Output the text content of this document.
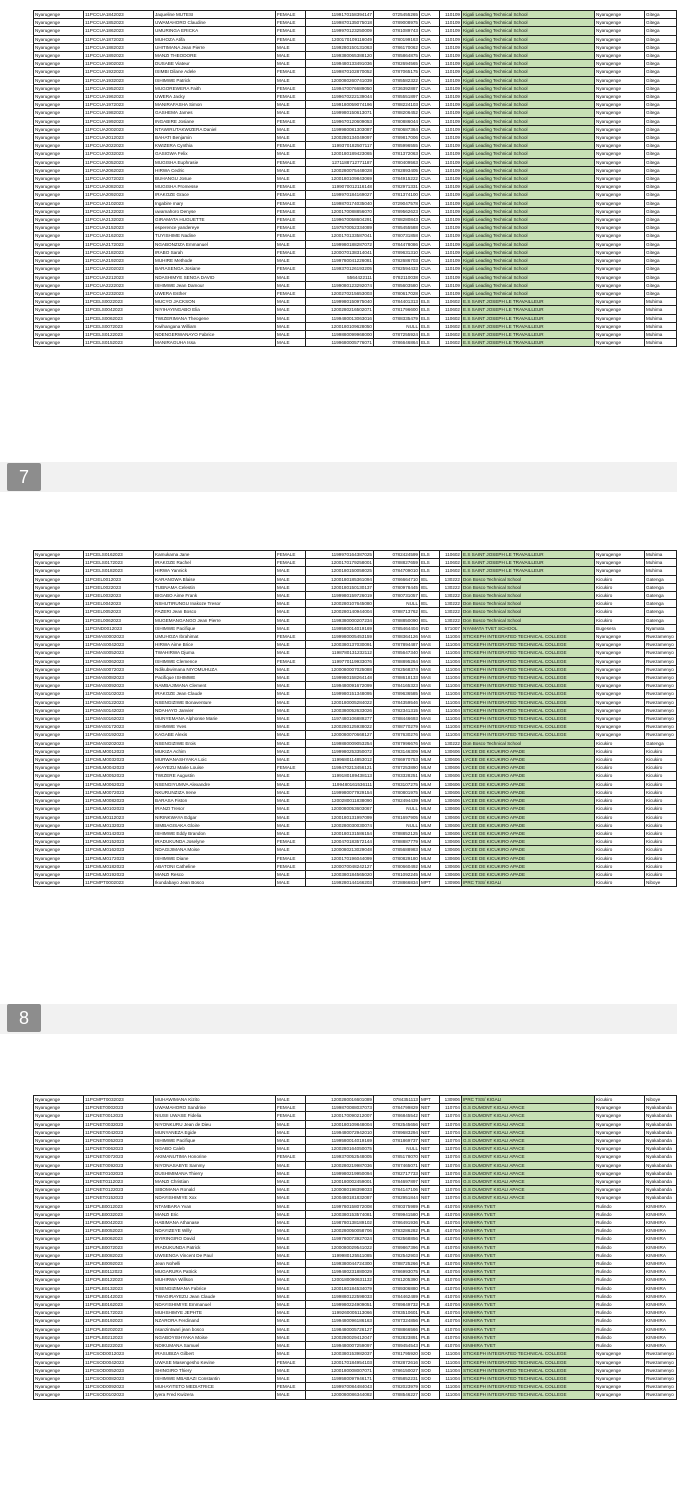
Nyarugenge	11PCCUA1842023	Jaqueline MUTESI	FEMALE	1199170158394147	0725455265	CUA	110109	Kigali Leading Technical School	Nyarugenge	Gitega
Nyarugenge	11PCCUA1852023	UWAMAHORO Claudine	FEMALE	1199870135075018	0789008975	CUA	110109	Kigali Leading Technical School	Nyarugenge	Gitega
Nyarugenge	11PCCUA1862023	UMURINGA ERICKA	FEMALE	1199970123250009	0781089743	CUA	110109	Kigali Leading Technical School	Nyarugenge	Gitega
Nyarugenge	11PCCUA1872023	MUHOZA Atifa	FEMALE	1200170109116049	0780199163	CUA	110109	Kigali Leading Technical School	Nyarugenge	Gitega
Nyarugenge	11PCCUA1882023	UHITIMANA Jean Pierre	MALE	1199280150131063	0786170062	CUA	110109	Kigali Leading Technical School	Nyarugenge	Gitega
Nyarugenge	11PCCUA1892023	MANZI THEODORE	MALE	1199380065388120	0785864875	CUA	110109	Kigali Leading Technical School	Nyarugenge	Gitega
Nyarugenge	11PCCUA1902023	DUSABE Viateur	MALE	1199480133491036	0782694565	CUA	110109	Kigali Leading Technical School	Nyarugenge	Gitega
Nyarugenge	11PCCUA1922023	ISIMBI Dilane Adele	FEMALE	1199870102870052	0787065175	CUA	110109	Kigali Leading Technical School	Nyarugenge	Gitega
Nyarugenge	11PCCUA1932023	ISHIMWE Patrick	MALE	1200080260741039	0785582322	CUA	110109	Kigali Leading Technical School	Nyarugenge	Gitega
Nyarugenge	11PCCUA1952023	MUGOREWERA Faith	FEMALE	1199470076689050	0736392887	CUA	110109	Kigali Leading Technical School	Nyarugenge	Gitega
Nyarugenge	11PCCUA1962023	UWERA Jacky	FEMALE	1199670222139044	0785551897	CUA	110109	Kigali Leading Technical School	Nyarugenge	Gitega
Nyarugenge	11PCCUA1972023	MANIRAFASHA Simon	MALE	1199180059074196	0788224103	CUA	110109	Kigali Leading Technical School	Nyarugenge	Gitega
Nyarugenge	11PCCUA1982023	GASHEMA James	MALE	1199980150613071	0788206452	CUA	110109	Kigali Leading Technical School	Nyarugenge	Gitega
Nyarugenge	11PCCUA1992023	INGABIRE Josiane	FEMALE	1199670120609053	0780886044	CUA	110109	Kigali Leading Technical School	Nyarugenge	Gitega
Nyarugenge	11PCCUA2002023	NTAWIRUTAKWIZERA Daniel	MALE	1199980081303087	0780687364	CUA	110109	Kigali Leading Technical School	Nyarugenge	Gitega
Nyarugenge	11PCCUA2012023	BAHATI Benjamin	MALE	1200280134049097	0789817006	CUA	110109	Kigali Leading Technical School	Nyarugenge	Gitega
Nyarugenge	11PCCUA2022023	KWIZERA Cynthia	FEMALE	1199370182507117	0785996555	CUA	110109	Kigali Leading Technical School	Nyarugenge	Gitega
Nyarugenge	11PCCUA2032023	GASIGWA Felix	MALE	1200180189423065	0781372063	CUA	110109	Kigali Leading Technical School	Nyarugenge	Gitega
Nyarugenge	11PCCUA2052023	MUGISHA Euphrasie	FEMALE	1271188712771187	0780409563	CUA	110109	Kigali Leading Technical School	Nyarugenge	Gitega
Nyarugenge	11PCCUA2062023	HIRWA Cedric	MALE	1200280075448028	0782893405	CUA	110109	Kigali Leading Technical School	Nyarugenge	Gitega
Nyarugenge	11PCCUA2072023	BUHANGU Josue	MALE	1200180109843069	0784915222	CUA	110109	Kigali Leading Technical School	Nyarugenge	Gitega
Nyarugenge	11PCCUA2082023	MUGISHA Promesse	FEMALE	1199070012116148	0782971331	CUA	110109	Kigali Leading Technical School	Nyarugenge	Gitega
Nyarugenge	11PCCUA2092023	IRAKOZE Grace	FEMALE	1199970184169027	0781374100	CUA	110109	Kigali Leading Technical School	Nyarugenge	Gitega
Nyarugenge	11PCCUA2102023	Ingabire mary	FEMALE	1199870174035040	0729047578	CUA	110109	Kigali Leading Technical School	Nyarugenge	Gitega
Nyarugenge	11PCCUA2122023	uwamahoro Denyse	FEMALE	1200170088856070	0789562623	CUA	110109	Kigali Leading Technical School	Nyarugenge	Gitega
Nyarugenge	11PCCUA2132023	GIRAMATA HUGUETTE	FEMALE	1199670058604291	0788280843	CUA	110109	Kigali Leading Technical School	Nyarugenge	Gitega
Nyarugenge	11PCCUA2152023	esperence yandereye	FEMALE	1197570052334089	0785455588	CUA	110109	Kigali Leading Technical School	Nyarugenge	Gitega
Nyarugenge	11PCCUA2162023	TUYISHIME Nadine	FEMALE	1200170133587041	0780731858	CUA	110109	Kigali Leading Technical School	Nyarugenge	Gitega
Nyarugenge	11PCCUA2172023	NGABONZIZA Emmanuel	MALE	1199980188287072	0784478086	CUA	110109	Kigali Leading Technical School	Nyarugenge	Gitega
Nyarugenge	11PCCUA2182023	IRABO Sarah	FEMALE	1200070138314041	0789631310	CUA	110109	Kigali Leading Technical School	Nyarugenge	Gitega
Nyarugenge	11PCCUA2192023	MUHIRE Methode	MALE	1199780041226081	0782686703	CUA	110109	Kigali Leading Technical School	Nyarugenge	Gitega
Nyarugenge	11PCCUA2202023	BARASENGA Josiane	FEMALE	1199370126193205	0782594433	CUA	110109	Kigali Leading Technical School	Nyarugenge	Gitega
Nyarugenge	11PCCUA2212023	NDASHIMYE SENGA DAVID	MALE	5564422111	0782110038	CUA	110109	Kigali Leading Technical School	Nyarugenge	Gitega
Nyarugenge	11PCCUA2222023	ISHIMWE Jean Damour	MALE	1199080123292074	0785603580	CUA	110109	Kigali Leading Technical School	Nyarugenge	Gitega
Nyarugenge	11PCCUA2232023	UWERA Esther	FEMALE	1200270215653003	0780617028	CUA	110109	Kigali Leading Technical School	Nyarugenge	Gitega
Nyarugenge	11PCELS0022023	MUCYO JACKSON	MALE	1199980150975040	0784401313	ELS	110602	E.S SAINT JOSEPH LE TRAVAILLEUR	Nyarugenge	Muhima
Nyarugenge	11PCELS0042023	NIYIHAYINGABO Elia	MALE	1200280216502071	0781796600	ELS	110602	E.S SAINT JOSEPH LE TRAVAILLEUR	Nyarugenge	Muhima
Nyarugenge	11PCELS0062023	TWIZERIMANA Theogene	MALE	1199480013063016	0788335479	ELS	110602	E.S SAINT JOSEPH LE TRAVAILLEUR	Nyarugenge	Muhima
Nyarugenge	11PCELS0072023	Kwihangana William	MALE	1200180109628050	NULL	ELS	110602	E.S SAINT JOSEPH LE TRAVAILLEUR	Nyarugenge	Muhima
Nyarugenge	11PCELS0122023	NDENGERWANAYO Fabrice	MALE	1199880099968000	0787255924	ELS	110602	E.S SAINT JOSEPH LE TRAVAILLEUR	Nyarugenge	Muhima
Nyarugenge	11PCELS0152023	MANIRAGUHA Issa	MALE	1199680005776071	0786646864	ELS	110602	E.S SAINT JOSEPH LE TRAVAILLEUR	Nyarugenge	Muhima
7
Nyarugenge	11PCELS0162023	Kamukama Jane	FEMALE	1199970164387025	0782424599	ELS	110602	E.S SAINT JOSEPH LE TRAVAILLEUR	Nyarugenge	Muhima
Nyarugenge	11PCELS0172023	IRAKOZE Rachel	FEMALE	1200170179258001	0788827659	ELS	110602	E.S SAINT JOSEPH LE TRAVAILLEUR	Nyarugenge	Muhima
Nyarugenge	11PCELS0182023	HIRWA Yannick	MALE	1200180150058025	0784709010	ELS	110602	E.S SAINT JOSEPH LE TRAVAILLEUR	Nyarugenge	Muhima
Nyarugenge	11PCIEL0012023	KARANGWA Blaise	MALE	1200180185361094	0786664710	IEL	130222	Don Bosco Technical School	Kicukiro	Gatenga
Nyarugenge	11PCIEL0022023	TUBNAMA Celestin	MALE	1200180150130137	0780978445	IEL	130222	Don Bosco Technical School	Kicukiro	Gatenga
Nyarugenge	11PCIEL0032023	BIGABO Aime Frank	MALE	1199980159726019	0780731057	IEL	130222	Don Bosco Technical School	Kicukiro	Gatenga
Nyarugenge	11PCIEL0042023	NSHUTIRUNGU Inakoze Tresor	MALE	1200280107645080	NULL	IEL	130222	Don Bosco Technical School	Kicukiro	Gatenga
Nyarugenge	11PCIEL0052023	FAZERI Jean Bosco	MALE	1200280140944004	0788713762	IEL	130222	Don Bosco Technical School	Kicukiro	Gatenga
Nyarugenge	11PCIEL0062023	MUGEMANGANGO Jean Pierre	MALE	1199380000207234	0788850090	IEL	130222	Don Bosco Technical School	Kicukiro	Gatenga
Nyarugenge	11PCIND0012023	ISHIMWE Pacifique	MALE	1199580014019169	0785464404	IND	571007	NYAMATA TVET SCHOOL	Bugesera	Nyamata
Nyarugenge	11PCMAS0002023	UMUHOZA Ibrahimat	FEMALE	1199980005453159	0788364126	MAS	111004	STICKEPH INTEGRATED TECHNICAL COLLEGE	Nyarugenge	Rwezamenyo
Nyarugenge	11PCMAS0042023	HIRWA Aime Brice	MALE	1200380137030091	0787894487	MAS	111004	STICKEPH INTEGRATED TECHNICAL COLLEGE	Nyarugenge	Rwezamenyo
Nyarugenge	11PCMAS0052023	TWAHIRWA Djuma	MALE	1198780131232112	0785647340	MAS	111004	STICKEPH INTEGRATED TECHNICAL COLLEGE	Nyarugenge	Rwezamenyo
Nyarugenge	11PCMAS0062023	ISHIMWE Clemence	FEMALE	1199770119933076	0788895264	MAS	111004	STICKEPH INTEGRATED TECHNICAL COLLEGE	Nyarugenge	Rwezamenyo
Nyarugenge	11PCMAS0072023	Ndikubwimana NIYOMUHUZA	MALE	1200080007025088	0782568374	MAS	111004	STICKEPH INTEGRATED TECHNICAL COLLEGE	Nyarugenge	Rwezamenyo
Nyarugenge	11PCMAS0082023	Pacifique ISHIMWE	MALE	1199980158264148	0788618133	MAS	111004	STICKEPH INTEGRATED TECHNICAL COLLEGE	Nyarugenge	Rwezamenyo
Nyarugenge	11PCMAS0092023	NAMBAJIMANA Clement	MALE	1199480091672099	0784165323	MAS	111004	STICKEPH INTEGRATED TECHNICAL COLLEGE	Nyarugenge	Rwezamenyo
Nyarugenge	11PCMAS0102023	IRAKOZE Jean Claude	MALE	1199980151348095	0789636585	MAS	111004	STICKEPH INTEGRATED TECHNICAL COLLEGE	Nyarugenge	Rwezamenyo
Nyarugenge	11PCMAS0122023	NSENGIZIWE Bonaventure	MALE	1200180005284022	0784359546	MAS	111004	STICKEPH INTEGRATED TECHNICAL COLLEGE	Nyarugenge	Rwezamenyo
Nyarugenge	11PCMAS0142023	NDAHAYO Janvier	MALE	1200380052633026	0782341315	MAS	111004	STICKEPH INTEGRATED TECHNICAL COLLEGE	Nyarugenge	Rwezamenyo
Nyarugenge	11PCMAS0162023	MUNYEMANA Alphonse Marie	MALE	1197480106889277	0788446693	MAS	111004	STICKEPH INTEGRATED TECHNICAL COLLEGE	Nyarugenge	Rwezamenyo
Nyarugenge	11PCMAS0172023	ISHIMWE Yves	MALE	1200280125938022	0788770279	MAS	111004	STICKEPH INTEGRATED TECHNICAL COLLEGE	Nyarugenge	Rwezamenyo
Nyarugenge	11PCMAS0192023	KAGABE Alexis	MALE	1200080070668127	0787630276	MAS	111004	STICKEPH INTEGRATED TECHNICAL COLLEGE	Nyarugenge	Rwezamenyo
Nyarugenge	11PCMAS0202023	NSENGIZIWE Erois	MALE	1199880009053254	0787996676	MAS	130222	Don Bosco Technical School	Kicukiro	Gatenga
Nyarugenge	11PCMLM0012023	MUKIZA Achim	MALE	1199980253350072	0783146309	MLM	130606	LYCEE DE KICUKIRO APADE	Kicukiro	Kicukiro
Nyarugenge	11PCMLM0032023	MURWANASHYAKA Loic	MALE	1199680114853012	0786970753	MLM	130606	LYCEE DE KICUKIRO APADE	Kicukiro	Kicukiro
Nyarugenge	11PCMLM0042023	AKAYEZU Marie Louise	FEMALE	1199470213456121	0787253890	MLM	130606	LYCEE DE KICUKIRO APADE	Kicukiro	Kicukiro
Nyarugenge	11PCMLM0052023	TWIZERE Augustin	MALE	1199180189438113	0783328251	MLM	130606	LYCEE DE KICUKIRO APADE	Kicukiro	Kicukiro
Nyarugenge	11PCMLM0062023	NSENGIYUMVA Alexandre	MALE	1199480161536111	0783107275	MLM	130606	LYCEE DE KICUKIRO APADE	Kicukiro	Kicukiro
Nyarugenge	11PCMLM0072023	NKURUNZIZA Irene	MALE	1199980077929154	0780801975	MLM	130606	LYCEE DE KICUKIRO APADE	Kicukiro	Kicukiro
Nyarugenge	11PCMLM0082023	BARASA Fiston	MALE	1200280011838090	0782494439	MLM	130606	LYCEE DE KICUKIRO APADE	Kicukiro	Kicukiro
Nyarugenge	11PCMLM0102023	IRANZI Tresor	MALE	1200080053603067	NULL	MLM	130606	LYCEE DE KICUKIRO APADE	Kicukiro	Kicukiro
Nyarugenge	11PCMLM0112023	NIRINKWAYA Edgar	MALE	1200180131997099	0781697905	MLM	130606	LYCEE DE KICUKIRO APADE	Kicukiro	Kicukiro
Nyarugenge	11PCMLM0132023	SIMBAGISAKA Gloire	MALE	1200280030030074	NULL	MLM	130606	LYCEE DE KICUKIRO APADE	Kicukiro	Kicukiro
Nyarugenge	11PCMLM0142023	ISHIMWE Eddy Brandon	MALE	1200180131586154	0788852125	MLM	130606	LYCEE DE KICUKIRO APADE	Kicukiro	Kicukiro
Nyarugenge	11PCMLM0152023	IRADUKUNDA Joselyne	FEMALE	1200470183572144	0788887779	MLM	130606	LYCEE DE KICUKIRO APADE	Kicukiro	Kicukiro
Nyarugenge	11PCMLM0162023	NDAGIJIMANA Moise	MALE	1200080213029048	0785688983	MLM	130606	LYCEE DE KICUKIRO APADE	Kicukiro	Kicukiro
Nyarugenge	11PCMLM0172023	ISHIMWE Diane	FEMALE	1200170196044099	0780829180	MLM	130606	LYCEE DE KICUKIRO APADE	Kicukiro	Kicukiro
Nyarugenge	11PCMLM0182023	ABATONI Catheline	FEMALE	1200070048242127	0780660492	MLM	130606	LYCEE DE KICUKIRO APADE	Kicukiro	Kicukiro
Nyarugenge	11PCMLM0192023	MANZI Resco	MALE	1200380184565020	0781092245	MLM	130606	LYCEE DE KICUKIRO APADE	Kicukiro	Kicukiro
Nyarugenge	11PCMPT0002023	Ikundabayo Jean Bosco	MALE	1199280144166203	0728866834	MPT	130906	IPRC TSS/ KIGALI	Kicukiro	Niboye
8
Nyarugenge	11PCMPT0032023	MUHAWIMANA Kizito	MALE	1200280016601089	0784351113	MPT	130906	IPRC TSS/ KIGALI	Kicukiro	Niboye
Nyarugenge	11PCNET0002023	UWAMAHORO Sandrine	FEMALE	1199870088037073	0784799829	NET	110704	G.S DUMONT KIGALI APACE	Nyarugenge	Nyakabanda
Nyarugenge	11PCNET0012023	NIUSII UWASE Fidelia	FEMALE	1200170090212007	0786845542	NET	110704	G.S DUMONT KIGALI APACE	Nyarugenge	Nyakabanda
Nyarugenge	11PCNET0032023	NIYONKURU Jean de Dieu	MALE	1200180109848004	0782545656	NET	110704	G.S DUMONT KIGALI APACE	Nyarugenge	Nyakabanda
Nyarugenge	11PCNET0042023	MUNYANEZA Egide	MALE	1199480072942010	0789683294	NET	110704	G.S DUMONT KIGALI APACE	Nyarugenge	Nyakabanda
Nyarugenge	11PCNET0052023	ISHIMWE Pacifique	MALE	1199580014019169	0781869737	NET	110704	G.S DUMONT KIGALI APACE	Nyarugenge	Nyakabanda
Nyarugenge	11PCNET0062023	NGABO Caleb	MALE	1200280164050075	NULL	NET	110704	G.S DUMONT KIGALI APACE	Nyarugenge	Nyakabanda
Nyarugenge	11PCNET0072023	AKIMANUTIMA Honorine	FEMALE	1199370052548005	0785178070	NET	110704	G.S DUMONT KIGALI APACE	Nyarugenge	Nyakabanda
Nyarugenge	11PCNET0092023	NIYONASABYE Sammy	MALE	1200280219987036	0787465071	NET	110704	G.S DUMONT KIGALI APACE	Nyarugenge	Nyakabanda
Nyarugenge	11PCNET0102023	DUSHIMIMANA Thierry	MALE	1199980219950094	0782717733	NET	110704	G.S DUMONT KIGALI APACE	Nyarugenge	Nyakabanda
Nyarugenge	11PCNET0112023	MANZI Christian	MALE	1200180002459001	0784697897	NET	110704	G.S DUMONT KIGALI APACE	Nyarugenge	Nyakabanda
Nyarugenge	11PCNET0122023	SIBOMANA Ronald	MALE	1200080198398033	0784147106	NET	110704	G.S DUMONT KIGALI APACE	Nyarugenge	Nyakabanda
Nyarugenge	11PCNET0152023	NDAYISHIMIYE Xxx	MALE	1200480181832087	0782951844	NET	110704	G.S DUMONT KIGALI APACE	Nyarugenge	Nyakabanda
Nyarugenge	11PCPLB0012023	NTAMBARA Yvan	MALE	1199780158072008	0780375989	PLB	410704	KINIHIRA TVET	Rulindo	KINIHIRA
Nyarugenge	11PCPLB0032023	MANZI Eric	MALE	1200380153574081	0789941580	PLB	410704	KINIHIRA TVET	Rulindo	KINIHIRA
Nyarugenge	11PCPLB0042023	HABIMANA Athanase	MALE	1198780138189102	0786491936	PLB	410704	KINIHIRA TVET	Rulindo	KINIHIRA
Nyarugenge	11PCPLB0052023	NDAYIZEYE Willy	MALE	1200280050058706	0783286282	PLB	410704	KINIHIRA TVET	Rulindo	KINIHIRA
Nyarugenge	11PCPLB0062023	BYIRINGIRO David	MALE	1199780073927024	0782568856	PLB	410704	KINIHIRA TVET	Rulindo	KINIHIRA
Nyarugenge	11PCPLB0072023	IRADUKUNDA Patrick	MALE	1200080029541022	0789867396	PLB	410704	KINIHIRA TVET	Rulindo	KINIHIRA
Nyarugenge	11PCPLB0082023	UWSENGA Vincent De Paul	MALE	1199980125511085	0782542903	PLB	410704	KINIHIRA TVET	Rulindo	KINIHIRA
Nyarugenge	11PCPLB0092023	Jean Nohelli	MALE	1199380044724300	0788725266	PLB	410704	KINIHIRA TVET	Rulindo	KINIHIRA
Nyarugenge	11PCPLB0112023	MUGARURA Patrick	MALE	1199480231880029	0786993075	PLB	410704	KINIHIRA TVET	Rulindo	KINIHIRA
Nyarugenge	11PCPLB0122023	MUHIRWA Willson	MALE	1200180090631132	0781205390	PLB	410704	KINIHIRA TVET	Rulindo	KINIHIRA
Nyarugenge	11PCPLB0132023	NSENGIZIMANA Fabrice	MALE	1200180184534079	0789306880	PLB	410704	KINIHIRA TVET	Rulindo	KINIHIRA
Nyarugenge	11PCPLB0142023	TWAGIRAYEZU Jean Claude	MALE	1199880122598033	0784462489	PLB	410704	KINIHIRA TVET	Rulindo	KINIHIRA
Nyarugenge	11PCPLB0162023	NDAYISHIMIYE Emmanuel	MALE	1199980224909051	0789849732	PLB	410704	KINIHIRA TVET	Rulindo	KINIHIRA
Nyarugenge	11PCPLB0172023	MUHSHIMYE JEPHTE	MALE	1199260005113066	0783510601	PLB	410704	KINIHIRA TVET	Rulindo	KINIHIRA
Nyarugenge	11PCPLB0192023	NZARORA Ferdinand	MALE	1199480096186163	0787324856	PLB	410704	KINIHIRA TVET	Rulindo	KINIHIRA
Nyarugenge	11PCPLB0202023	nsanzintwari jean bosco	MALE	1198480005726127	0788866566	PLB	410704	KINIHIRA TVET	Rulindo	KINIHIRA
Nyarugenge	11PCPLB0212023	NGABOYISHYAKA Moise	MALE	1200280029412047	0782823891	PLB	410704	KINIHIRA TVET	Rulindo	KINIHIRA
Nyarugenge	11PCPLB0222023	NDIKUMANA Samuel	MALE	1199480007259097	0789454543	PLB	410704	KINIHIRA TVET	Rulindo	KINIHIRA
Nyarugenge	11PCSOD0012023	IRASUBIZA Gilbert	MALE	1200380153982037	0781795920	SOD	111004	STICKEPH INTEGRATED TECHNICAL COLLEGE	Nyarugenge	Rwezamenyo
Nyarugenge	11PCSOD0042023	UWASE Masengesho Kevine	FEMALE	1200170184954103	0782872616	SOD	111004	STICKEPH INTEGRATED TECHNICAL COLLEGE	Nyarugenge	Rwezamenyo
Nyarugenge	11PCSOD0052023	SHINGIRO Thiery	MALE	1200180008007071	0786150027	SOD	111004	STICKEPH INTEGRATED TECHNICAL COLLEGE	Nyarugenge	Rwezamenyo
Nyarugenge	11PCSOD0082023	ISHIMWE MBABAZI Constantin	MALE	1199580097946171	0785852231	SOD	111004	STICKEPH INTEGRATED TECHNICAL COLLEGE	Nyarugenge	Rwezamenyo
Nyarugenge	11PCSOD0092023	MUHAYITETO MEDIATRICE	FEMALE	1199970084484043	0782023979	SOD	111004	STICKEPH INTEGRATED TECHNICAL COLLEGE	Nyarugenge	Rwezamenyo
Nyarugenge	11PCSOD0102023	Iyera Fred Kwizera	MALE	1200080086344082	0788546227	SOD	111004	STICKEPH INTEGRATED TECHNICAL COLLEGE	Nyarugenge	Rwezamenyo
